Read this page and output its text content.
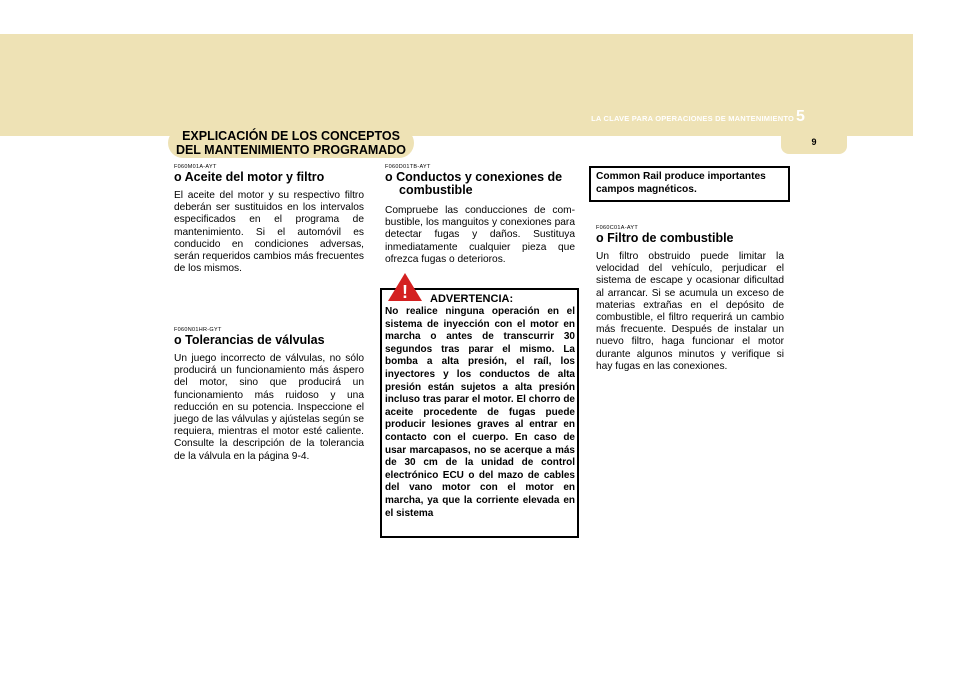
LA CLAVE PARA OPERACIONES DE MANTENIMIENTO 5
9
EXPLICACIÓN DE LOS CONCEPTOS
DEL MANTENIMIENTO PROGRAMADO

F060M01A-AYT

o Aceite del motor y filtro

El aceite del motor y su respectivo filtro deberán ser sustituidos en los intervalos especificados en el programa de mantenimiento. Si el automóvil es conducido en condiciones adversas, serán requeridos cambios más frecuentes de los mismos.

F060N01HR-GYT

o Tolerancias de válvulas

Un juego incorrecto de válvulas, no sólo producirá un funcionamiento más áspero del motor, sino que producirá un funcionamiento más ruidoso y una reducción en su potencia. Inspeccione el juego de las válvulas y ajústelas según se requiera, mientras el motor esté caliente. Consulte la descripción de la tolerancia de la válvula en la página 9-4.

F060D01TB-AYT

o Conductos y conexiones de
combustible

Compruebe las conducciones de com-bustible, los manguitos y conexiones para detectar fugas y daños. Sustituya inmediatamente cualquier pieza que ofrezca fugas o deterioros.

! ADVERTENCIA:

No realice ninguna operación en el sistema de inyección con el motor en marcha o antes de transcurrir 30 segundos tras parar el mismo. La bomba a alta presión, el raíl, los inyectores y los conductos de alta presión están sujetos a alta presión incluso tras parar el motor. El chorro de aceite procedente de fugas puede producir lesiones graves al entrar en contacto con el cuerpo. En caso de usar marcapasos, no se acerque a más de 30 cm de la unidad de control electrónico ECU o del mazo de cables del vano motor con el motor en marcha, ya que la corriente elevada en el sistema

Common Rail produce importantes campos magnéticos.

F060C01A-AYT

o Filtro de combustible

Un filtro obstruido puede limitar la velocidad del vehículo, perjudicar el sistema de escape y ocasionar dificultad al arrancar. Si se acumula un exceso de materias extrañas en el depósito de combustible, el filtro requerirá un cambio más frecuente. Después de instalar un nuevo filtro, haga funcionar el motor durante algunos minutos y verifique si hay fugas en las conexiones.
